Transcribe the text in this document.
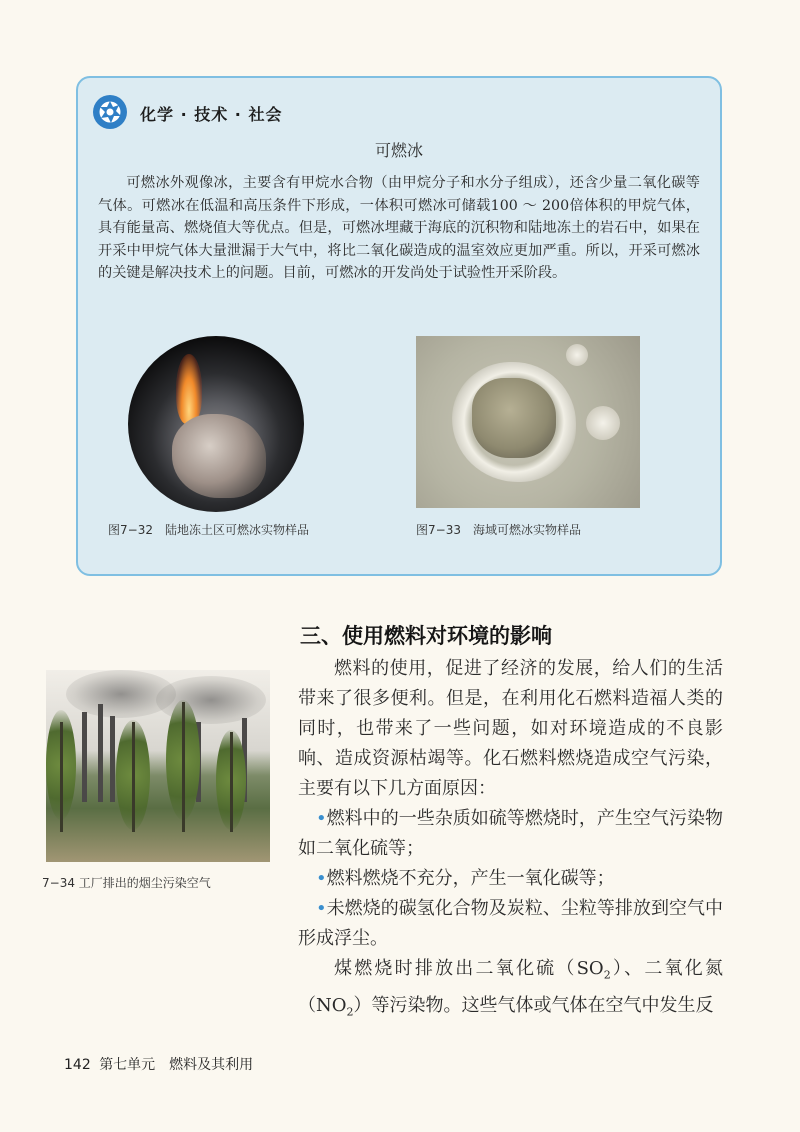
化学 · 技术 · 社会
可燃冰
可燃冰外观像冰，主要含有甲烷水合物（由甲烷分子和水分子组成），还含少量二氧化碳等气体。可燃冰在低温和高压条件下形成，一体积可燃冰可储载100 ～ 200倍体积的甲烷气体，具有能量高、燃烧值大等优点。但是，可燃冰埋藏于海底的沉积物和陆地冻土的岩石中，如果在开采中甲烷气体大量泄漏于大气中，将比二氧化碳造成的温室效应更加严重。所以，开采可燃冰的关键是解决技术上的问题。目前，可燃冰的开发尚处于试验性开采阶段。
图7−32　陆地冻土区可燃冰实物样品	图7−33　海域可燃冰实物样品
7−34 工厂排出的烟尘污染空气
三、使用燃料对环境的影响
燃料的使用，促进了经济的发展，给人们的生活带来了很多便利。但是，在利用化石燃料造福人类的同时，也带来了一些问题，如对环境造成的不良影响、造成资源枯竭等。化石燃料燃烧造成空气污染，主要有以下几方面原因：
•燃料中的一些杂质如硫等燃烧时，产生空气污染物如二氧化硫等；
•燃料燃烧不充分，产生一氧化碳等；
•未燃烧的碳氢化合物及炭粒、尘粒等排放到空气中形成浮尘。
煤燃烧时排放出二氧化硫$(SO_2)$、二氧化氮$(NO_2)$等污染物。这些气体或气体在空气中发生反
142 第七单元　燃料及其利用
